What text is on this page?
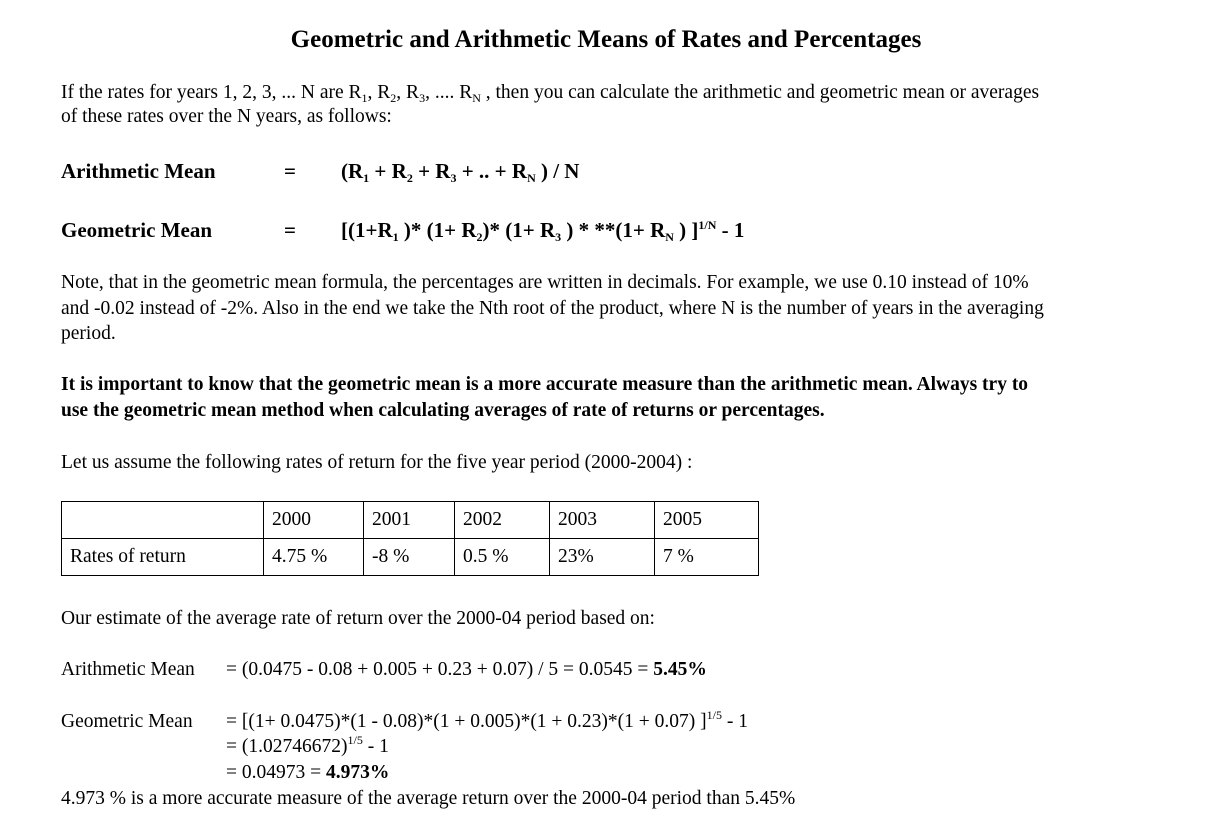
Geometric and Arithmetic Means of Rates and Percentages
If the rates for years 1, 2, 3, ... N are $R_1$, $R_2$, $R_3$, .... $R_N$ , then you can calculate the arithmetic and geometric mean or averages
of these rates over the N years, as follows:
Arithmetic Mean	= ($R_1 + R_2 + R_3$ + .. + $R_N$ ) / N
Geometric Mean	= [($1+R_1$ )* $(1+ R_2)*$ ($1+ R_3$ ) * $**(1+ R_N$ ) ]$^{1/N}$ - 1
Note, that in the geometric mean formula, the percentages are written in decimals. For example, we use 0.10 instead of 10%
and -0.02 instead of -2%. Also in the end we take the Nth root of the product, where N is the number of years in the averaging
period.
It is important to know that the geometric mean is a more accurate measure than the arithmetic mean. Always try to
use the geometric mean method when calculating averages of rate of returns or percentages.
Let us assume the following rates of return for the five year period (2000-2004) :
	2000	2001	2002	2003	2005
Rates of return	4.75 %	-8 %	0.5 %	23%	7 %
Our estimate of the average rate of return over the 2000-04 period based on:
Arithmetic Mean = (0.0475 - 0.08 + 0.005 + 0.23 + 0.07) / 5 = 0.0545 = 5.45%
Geometric Mean = [(1+ 0.0475)*(1 - 0.08)*(1 + 0.005)*(1 + 0.23)*(1 + 0.07) ]$^{1/5}$ - 1
= $(1.02746672)^{1/5} - 1$
= 0.04973 = 4.973%
4.973 % is a more accurate measure of the average return over the 2000-04 period than 5.45%
